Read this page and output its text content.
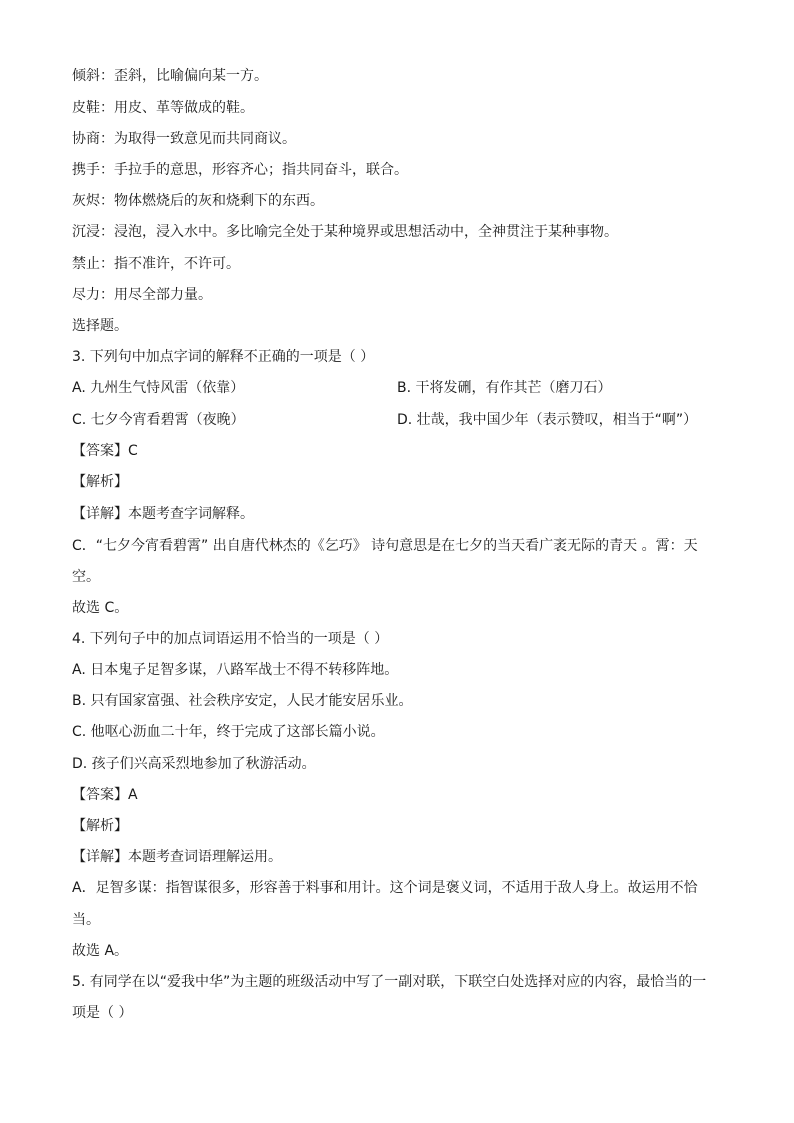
倾斜：歪斜，比喻偏向某一方。
皮鞋：用皮、革等做成的鞋。
协商：为取得一致意见而共同商议。
携手：手拉手的意思，形容齐心；指共同奋斗，联合。
灰烬：物体燃烧后的灰和烧剩下的东西。
沉浸：浸泡，浸入水中。多比喻完全处于某种境界或思想活动中，全神贯注于某种事物。
禁止：指不准许，不许可。
尽力：用尽全部力量。
选择题。
3. 下列句中加点字词的解释不正确的一项是（ ）
A. 九州生气恃风雷（依靠）	B. 干将发硎，有作其芒（磨刀石）
C. 七夕今宵看碧霄（夜晚）	D. 壮哉，我中国少年（表示赞叹，相当于“啊”）
【答案】C
【解析】
【详解】本题考查字词解释。
C．“七夕今宵看碧霄” 出自唐代林杰的《乞巧》 诗句意思是在七夕的当天看广袤无际的青天 。霄：天
空。
故选 C。
4. 下列句子中的加点词语运用不恰当的一项是（ ）
A. 日本鬼子足智多谋，八路军战士不得不转移阵地。
B. 只有国家富强、社会秩序安定，人民才能安居乐业。
C. 他呕心沥血二十年，终于完成了这部长篇小说。
D. 孩子们兴高采烈地参加了秋游活动。
【答案】A
【解析】
【详解】本题考查词语理解运用。
A．足智多谋：指智谋很多，形容善于料事和用计。这个词是褒义词，不适用于敌人身上。故运用不恰
当。
故选 A。
5. 有同学在以“爱我中华”为主题的班级活动中写了一副对联，下联空白处选择对应的内容，最恰当的一
项是（ ）
